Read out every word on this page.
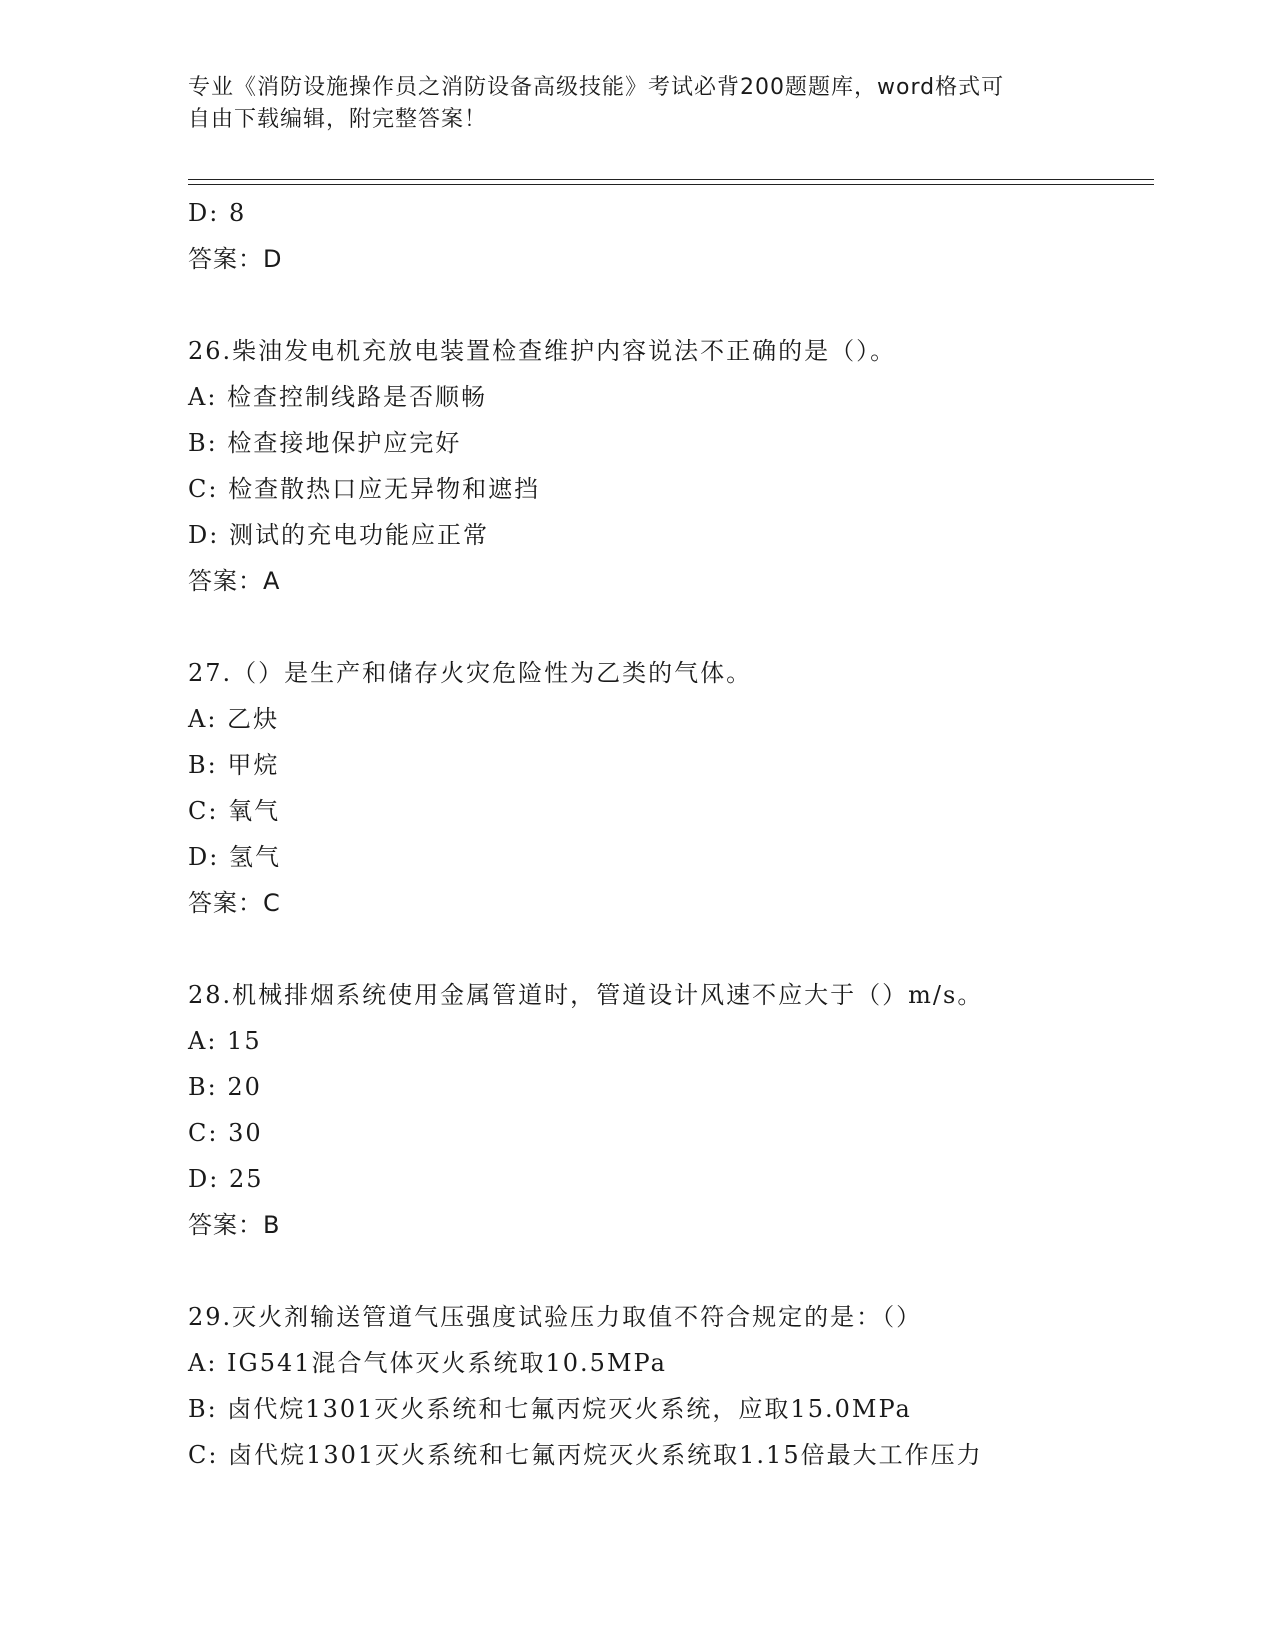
专业《消防设施操作员之消防设备高级技能》考试必背200题题库，word格式可
自由下载编辑，附完整答案！
D: 8
答案：D
26.柴油发电机充放电装置检查维护内容说法不正确的是（）。
A: 检查控制线路是否顺畅
B: 检查接地保护应完好
C: 检查散热口应无异物和遮挡
D: 测试的充电功能应正常
答案：A
27.（）是生产和储存火灾危险性为乙类的气体。
A: 乙炔
B: 甲烷
C: 氧气
D: 氢气
答案：C
28.机械排烟系统使用金属管道时，管道设计风速不应大于（）m/s。
A: 15
B: 20
C: 30
D: 25
答案：B
29.灭火剂输送管道气压强度试验压力取值不符合规定的是：（）
A: IG541混合气体灭火系统取10.5MPa
B: 卤代烷1301灭火系统和七氟丙烷灭火系统，应取15.0MPa
C: 卤代烷1301灭火系统和七氟丙烷灭火系统取1.15倍最大工作压力
